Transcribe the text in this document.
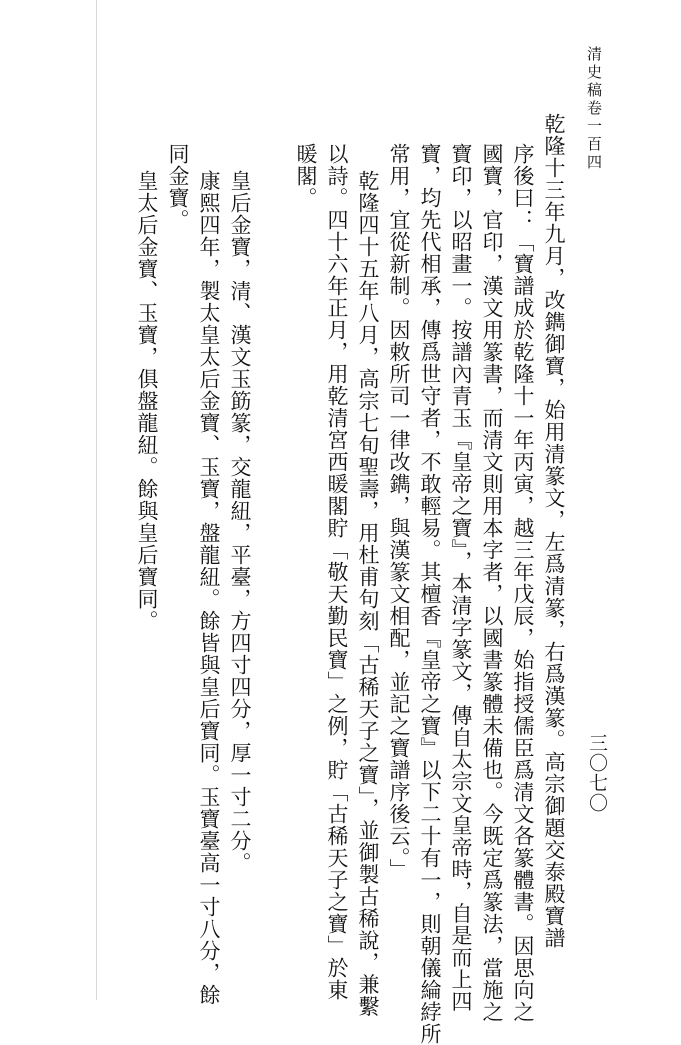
清史稿卷一百四
三〇七〇
乾隆十三年九月，改鐫御寶，始用清篆文，左爲清篆，右爲漢篆。高宗御題交泰殿寶譜
序後曰：「寶譜成於乾隆十一年丙寅，越三年戊辰，始指授儒臣爲清文各篆體書。因思向之
國寶，官印，漢文用篆書，而清文則用本字者，以國書篆體未備也。今既定爲篆法，當施之
寶印，以昭畫一。按譜內青玉『皇帝之寶』，本清字篆文，傳自太宗文皇帝時，自是而上四
寶，均先代相承，傳爲世守者，不敢輕易。其檀香『皇帝之寶』以下二十有一，則朝儀綸綍所
常用，宜從新制。因敕所司一律改鐫，與漢篆文相配，並記之寶譜序後云。」
乾隆四十五年八月，高宗七旬聖壽，用杜甫句刻「古稀天子之寶」，並御製古稀說，兼繫
以詩。四十六年正月，用乾清宮西暖閣貯「敬天勤民寶」之例，貯「古稀天子之寶」於東
暖閣。
皇后金寶，清、漢文玉筯篆，交龍紐，平臺，方四寸四分，厚一寸二分。
康熙四年，製太皇太后金寶、玉寶，盤龍紐。餘皆與皇后寶同。玉寶臺高一寸八分，餘
同金寶。
皇太后金寶、玉寶，俱盤龍紐。餘與皇后寶同。
